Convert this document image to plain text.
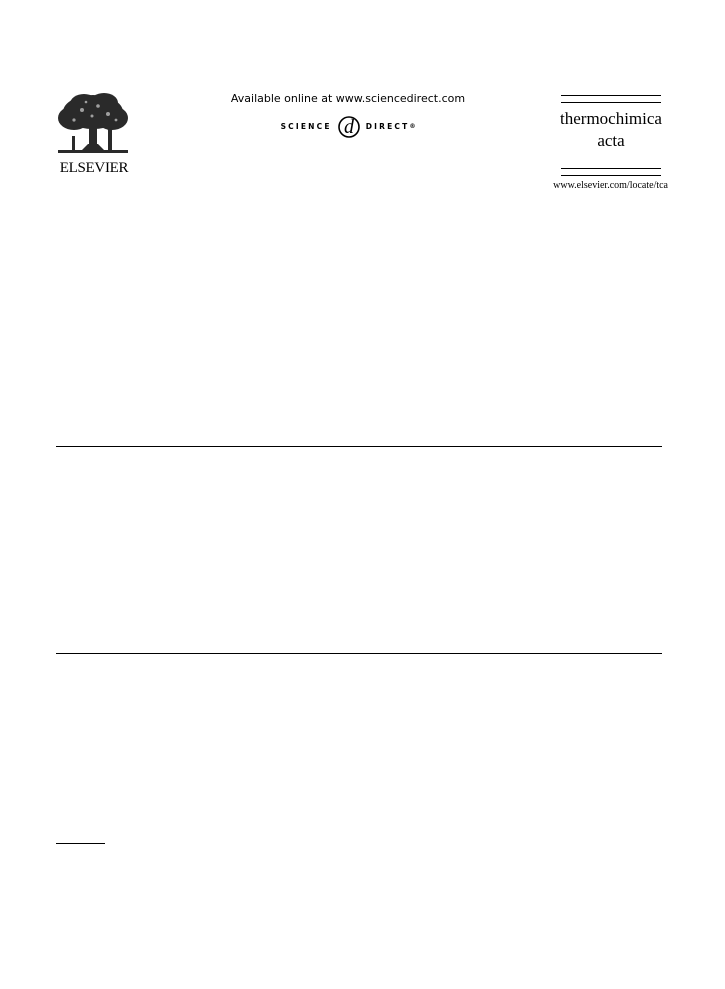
ELSEVIER
Available online at www.sciencedirect.com
SCIENCE d DIRECT ®	thermochimica
acta
www.elsevier.com/locate/tca
